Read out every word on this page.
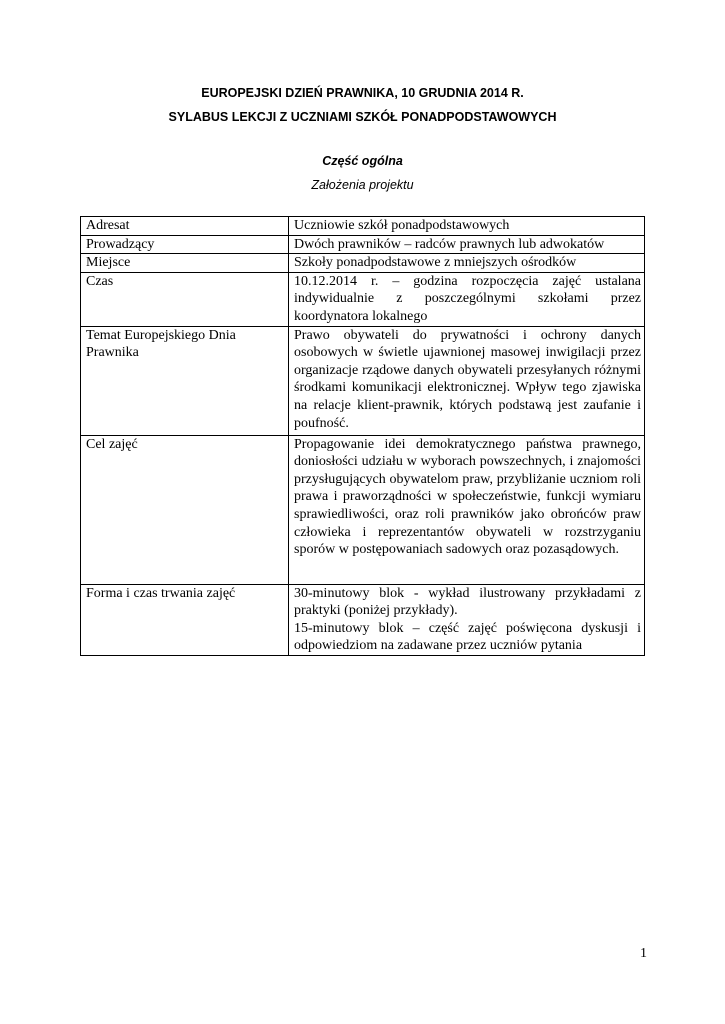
EUROPEJSKI DZIEŃ PRAWNIKA, 10 GRUDNIA 2014 R.
SYLABUS LEKCJI Z UCZNIAMI SZKÓŁ PONADPODSTAWOWYCH
Część ogólna
Założenia projektu
Adresat	Uczniowie szkół ponadpodstawowych
Prowadzący	Dwóch prawników – radców prawnych lub adwokatów
Miejsce	Szkoły ponadpodstawowe z mniejszych ośrodków
Czas	10.12.2014 r. – godzina rozpoczęcia zajęć ustalana indywidualnie z poszczególnymi szkołami przez koordynatora lokalnego
Temat Europejskiego Dnia Prawnika	Prawo obywateli do prywatności i ochrony danych osobowych w świetle ujawnionej masowej inwigilacji przez organizacje rządowe danych obywateli przesyłanych różnymi środkami komunikacji elektronicznej. Wpływ tego zjawiska na relacje klient-prawnik, których podstawą jest zaufanie i poufność.
Cel zajęć	Propagowanie idei demokratycznego państwa prawnego, doniosłości udziału w wyborach powszechnych, i znajomości przysługujących obywatelom praw, przybliżanie uczniom roli prawa i praworządności w społeczeństwie, funkcji wymiaru sprawiedliwości, oraz roli prawników jako obrońców praw człowieka i reprezentantów obywateli w rozstrzyganiu sporów w postępowaniach sadowych oraz pozasądowych.
Forma i czas trwania zajęć	30-minutowy blok - wykład ilustrowany przykładami z praktyki (poniżej przykłady).
15-minutowy blok – część zajęć poświęcona dyskusji i odpowiedziom na zadawane przez uczniów pytania
1
